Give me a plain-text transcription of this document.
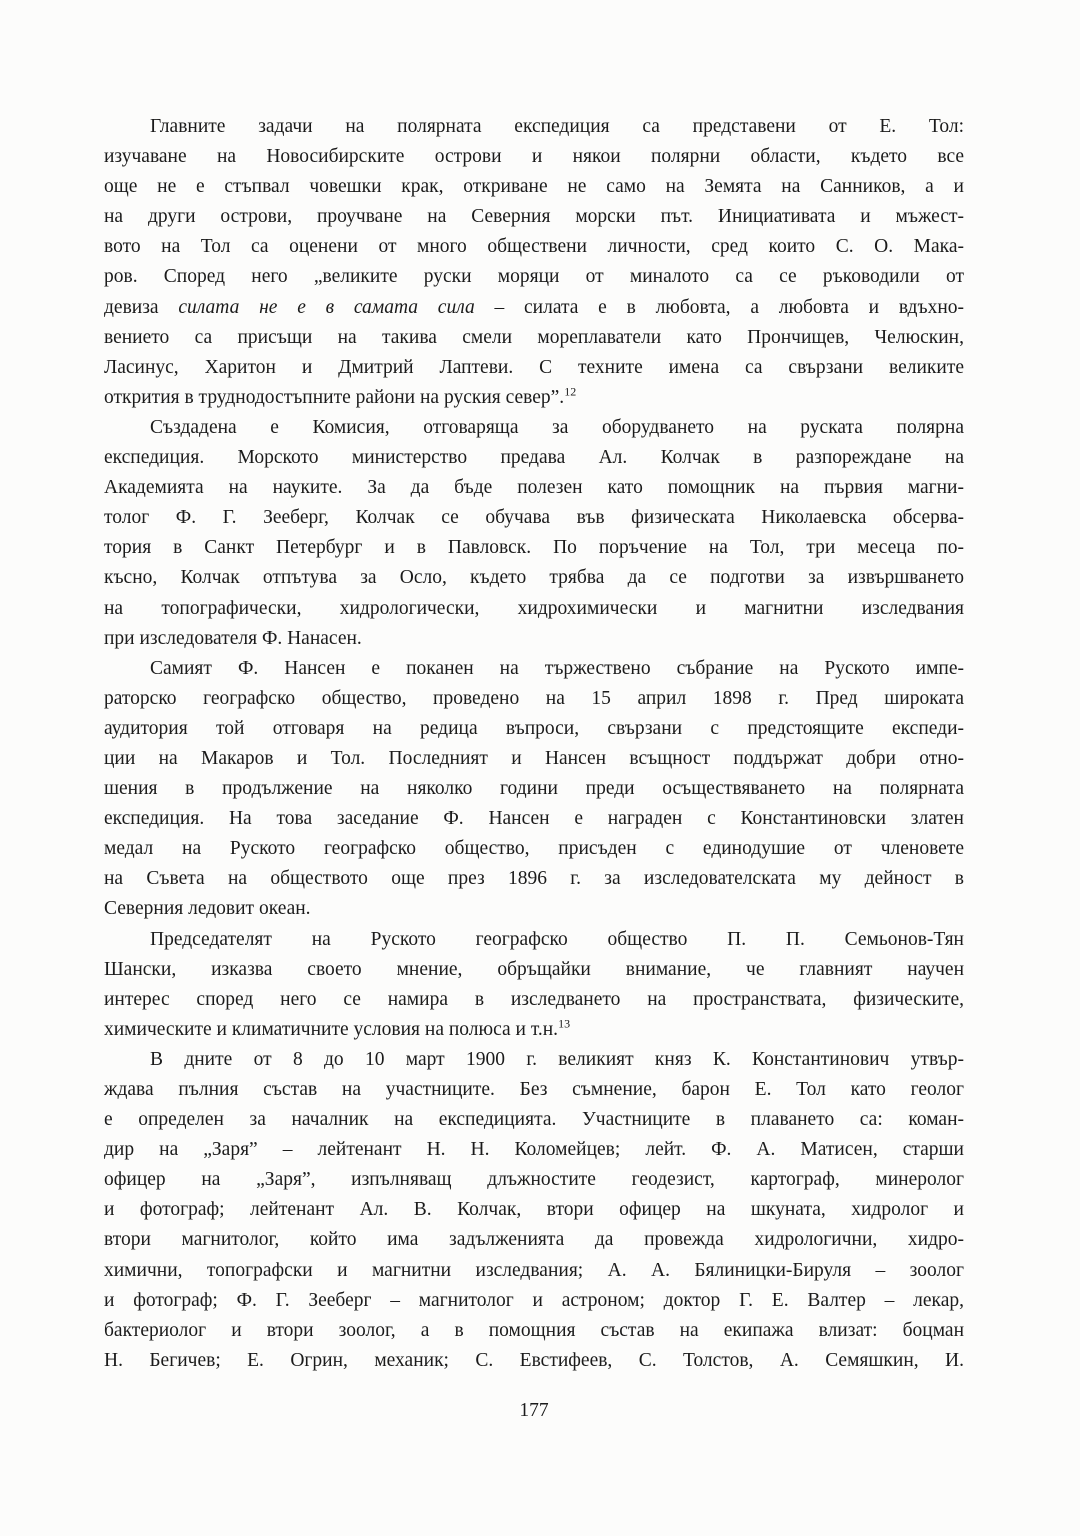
Главните задачи на полярната експедиция са представени от Е. Тол:
изучаване на Новосибирските острови и някои полярни области, където все
още не е стъпвал човешки крак, откриване не само на Земята на Санников, а и
на други острови, проучване на Северния морски път. Инициативата и мъжест-
вото на Тол са оценени от много обществени личности, сред които С. О. Мака-
ров. Според него „великите руски моряци от миналото са се ръководили от
девиза силата не е в самата сила – силата е в любовта, а любовта и вдъхно-
вението са присъщи на такива смели мореплаватели като Прончищев, Челюскин,
Ласинус, Харитон и Дмитрий Лаптеви. С техните имена са свързани великите
открития в труднодостъпните райони на руския север”.$^{12}$
Създадена е Комисия, отговаряща за оборудването на руската полярна
експедиция. Морското министерство предава Ал. Колчак в разпореждане на
Академията на науките. За да бъде полезен като помощник на първия магни-
толог Ф. Г. Зееберг, Колчак се обучава във физическата Николаевска обсерва-
тория в Санкт Петербург и в Павловск. По поръчение на Тол, три месеца по-
късно, Колчак отпътува за Осло, където трябва да се подготви за извършването
на топографически, хидрологически, хидрохимически и магнитни изследвания
при изследователя Ф. Нанасен.
Самият Ф. Нансен е поканен на тържествено събрание на Руското импе-
раторско географско общество, проведено на 15 април 1898 г. Пред широката
аудитория той отговаря на редица въпроси, свързани с предстоящите експеди-
ции на Макаров и Тол. Последният и Нансен всъщност поддържат добри отно-
шения в продължение на няколко години преди осъществяването на полярната
експедиция. На това заседание Ф. Нансен е награден с Константиновски златен
медал на Руското географско общество, присъден с единодушие от членовете
на Съвета на обществото още през 1896 г. за изследователската му дейност в
Северния ледовит океан.
Председателят на Руското географско общество П. П. Семьонов-Тян
Шански, изказва своето мнение, обръщайки внимание, че главният научен
интерес според него се намира в изследването на пространствата, физическите,
химическите и климатичните условия на полюса и т.н.$^{13}$
В дните от 8 до 10 март 1900 г. великият княз К. Константинович утвър-
ждава пълния състав на участниците. Без съмнение, барон Е. Тол като геолог
е определен за началник на експедицията. Участниците в плаването са: коман-
дир на „Заря” – лейтенант Н. Н. Коломейцев; лейт. Ф. А. Матисен, старши
офицер на „Заря”, изпълняващ длъжностите геодезист, картограф, минеролог
и фотограф; лейтенант Ал. В. Колчак, втори офицер на шкуната, хидролог и
втори магнитолог, който има задълженията да провежда хидрологични, хидро-
химични, топографски и магнитни изследвания; А. А. Бялиницки-Бируля – зоолог
и фотограф; Ф. Г. Зееберг – магнитолог и астроном; доктор Г. Е. Валтер – лекар,
бактериолог и втори зоолог, а в помощния състав на екипажа влизат: боцман
Н. Бегичев; Е. Огрин, механик; С. Евстифеев, С. Толстов, А. Семяшкин, И.
177
